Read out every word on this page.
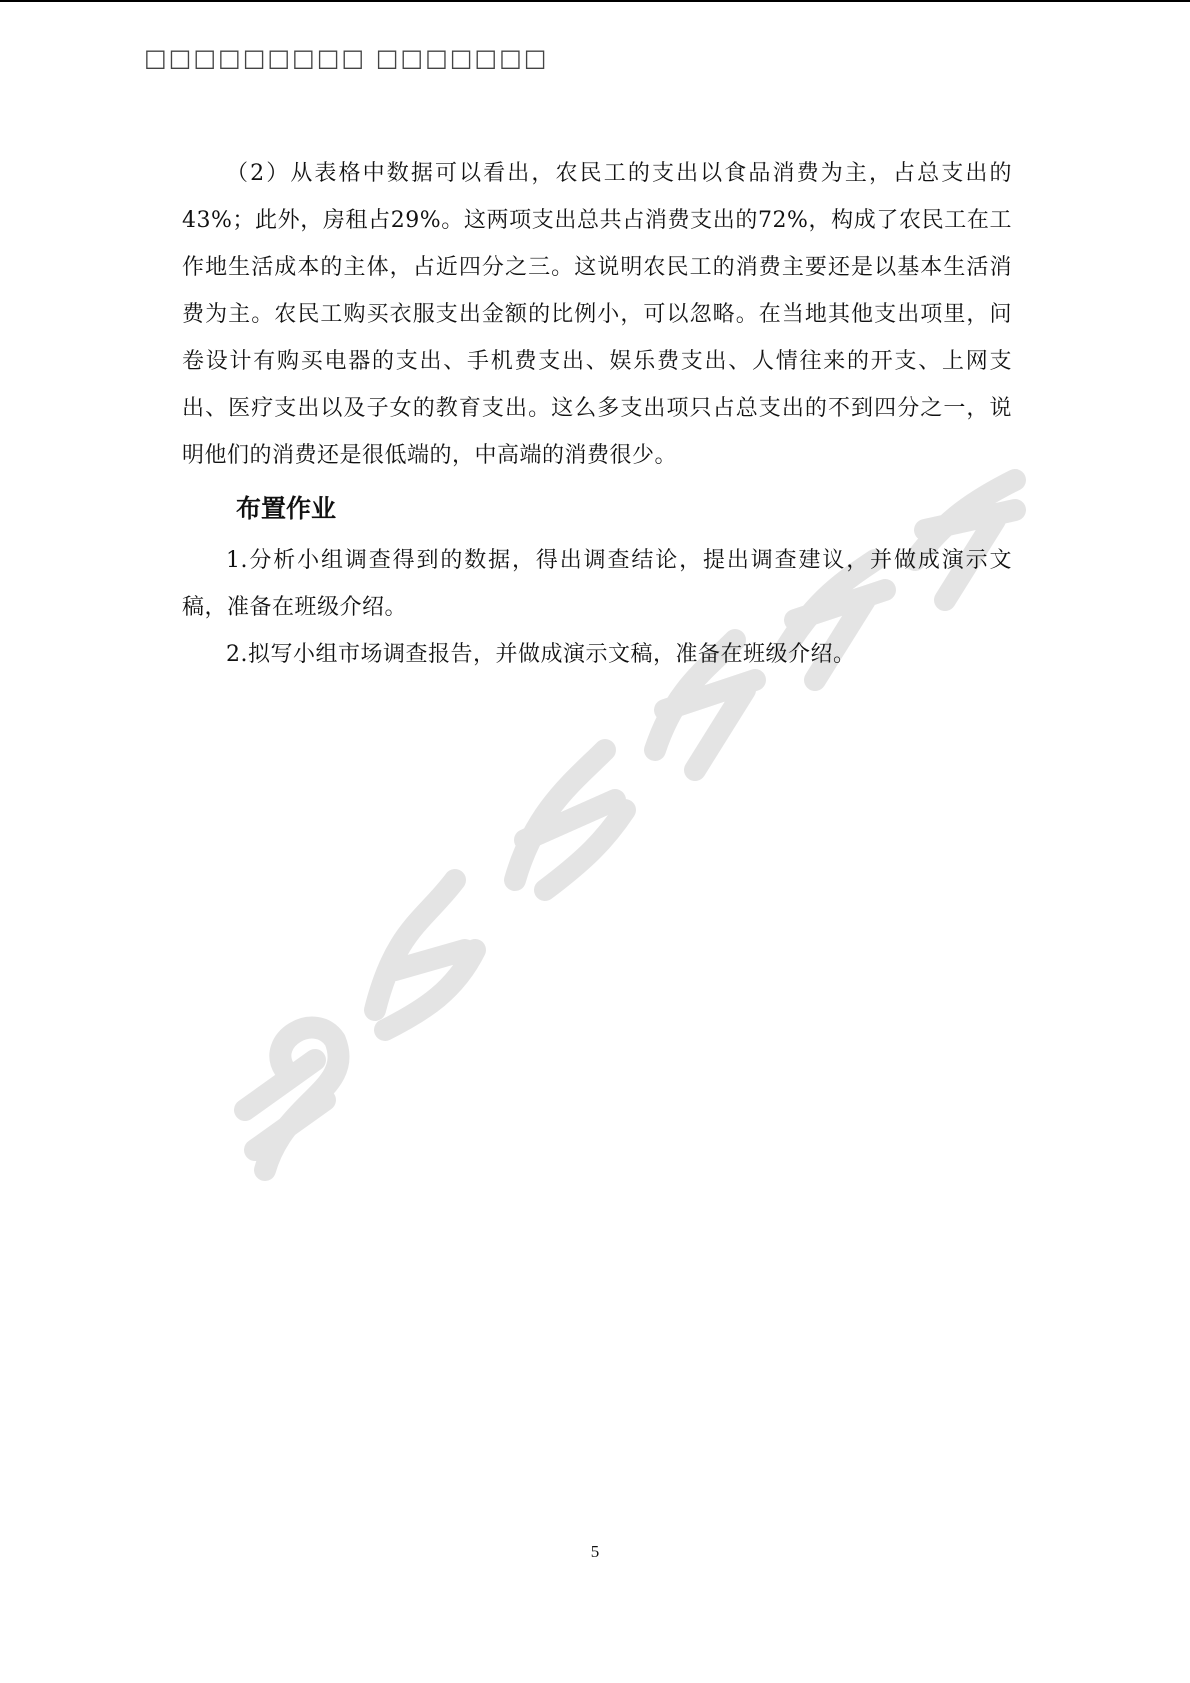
□□□□□□□□□ □□□□□□□

（2）从表格中数据可以看出，农民工的支出以食品消费为主，占总支出的43%；此外，房租占29%。这两项支出总共占消费支出的72%，构成了农民工在工作地生活成本的主体，占近四分之三。这说明农民工的消费主要还是以基本生活消费为主。农民工购买衣服支出金额的比例小，可以忽略。在当地其他支出项里，问卷设计有购买电器的支出、手机费支出、娱乐费支出、人情往来的开支、上网支出、医疗支出以及子女的教育支出。这么多支出项只占总支出的不到四分之一，说明他们的消费还是很低端的，中高端的消费很少。

布置作业

1.分析小组调查得到的数据，得出调查结论，提出调查建议，并做成演示文稿，准备在班级介绍。

2.拟写小组市场调查报告，并做成演示文稿，准备在班级介绍。

5
